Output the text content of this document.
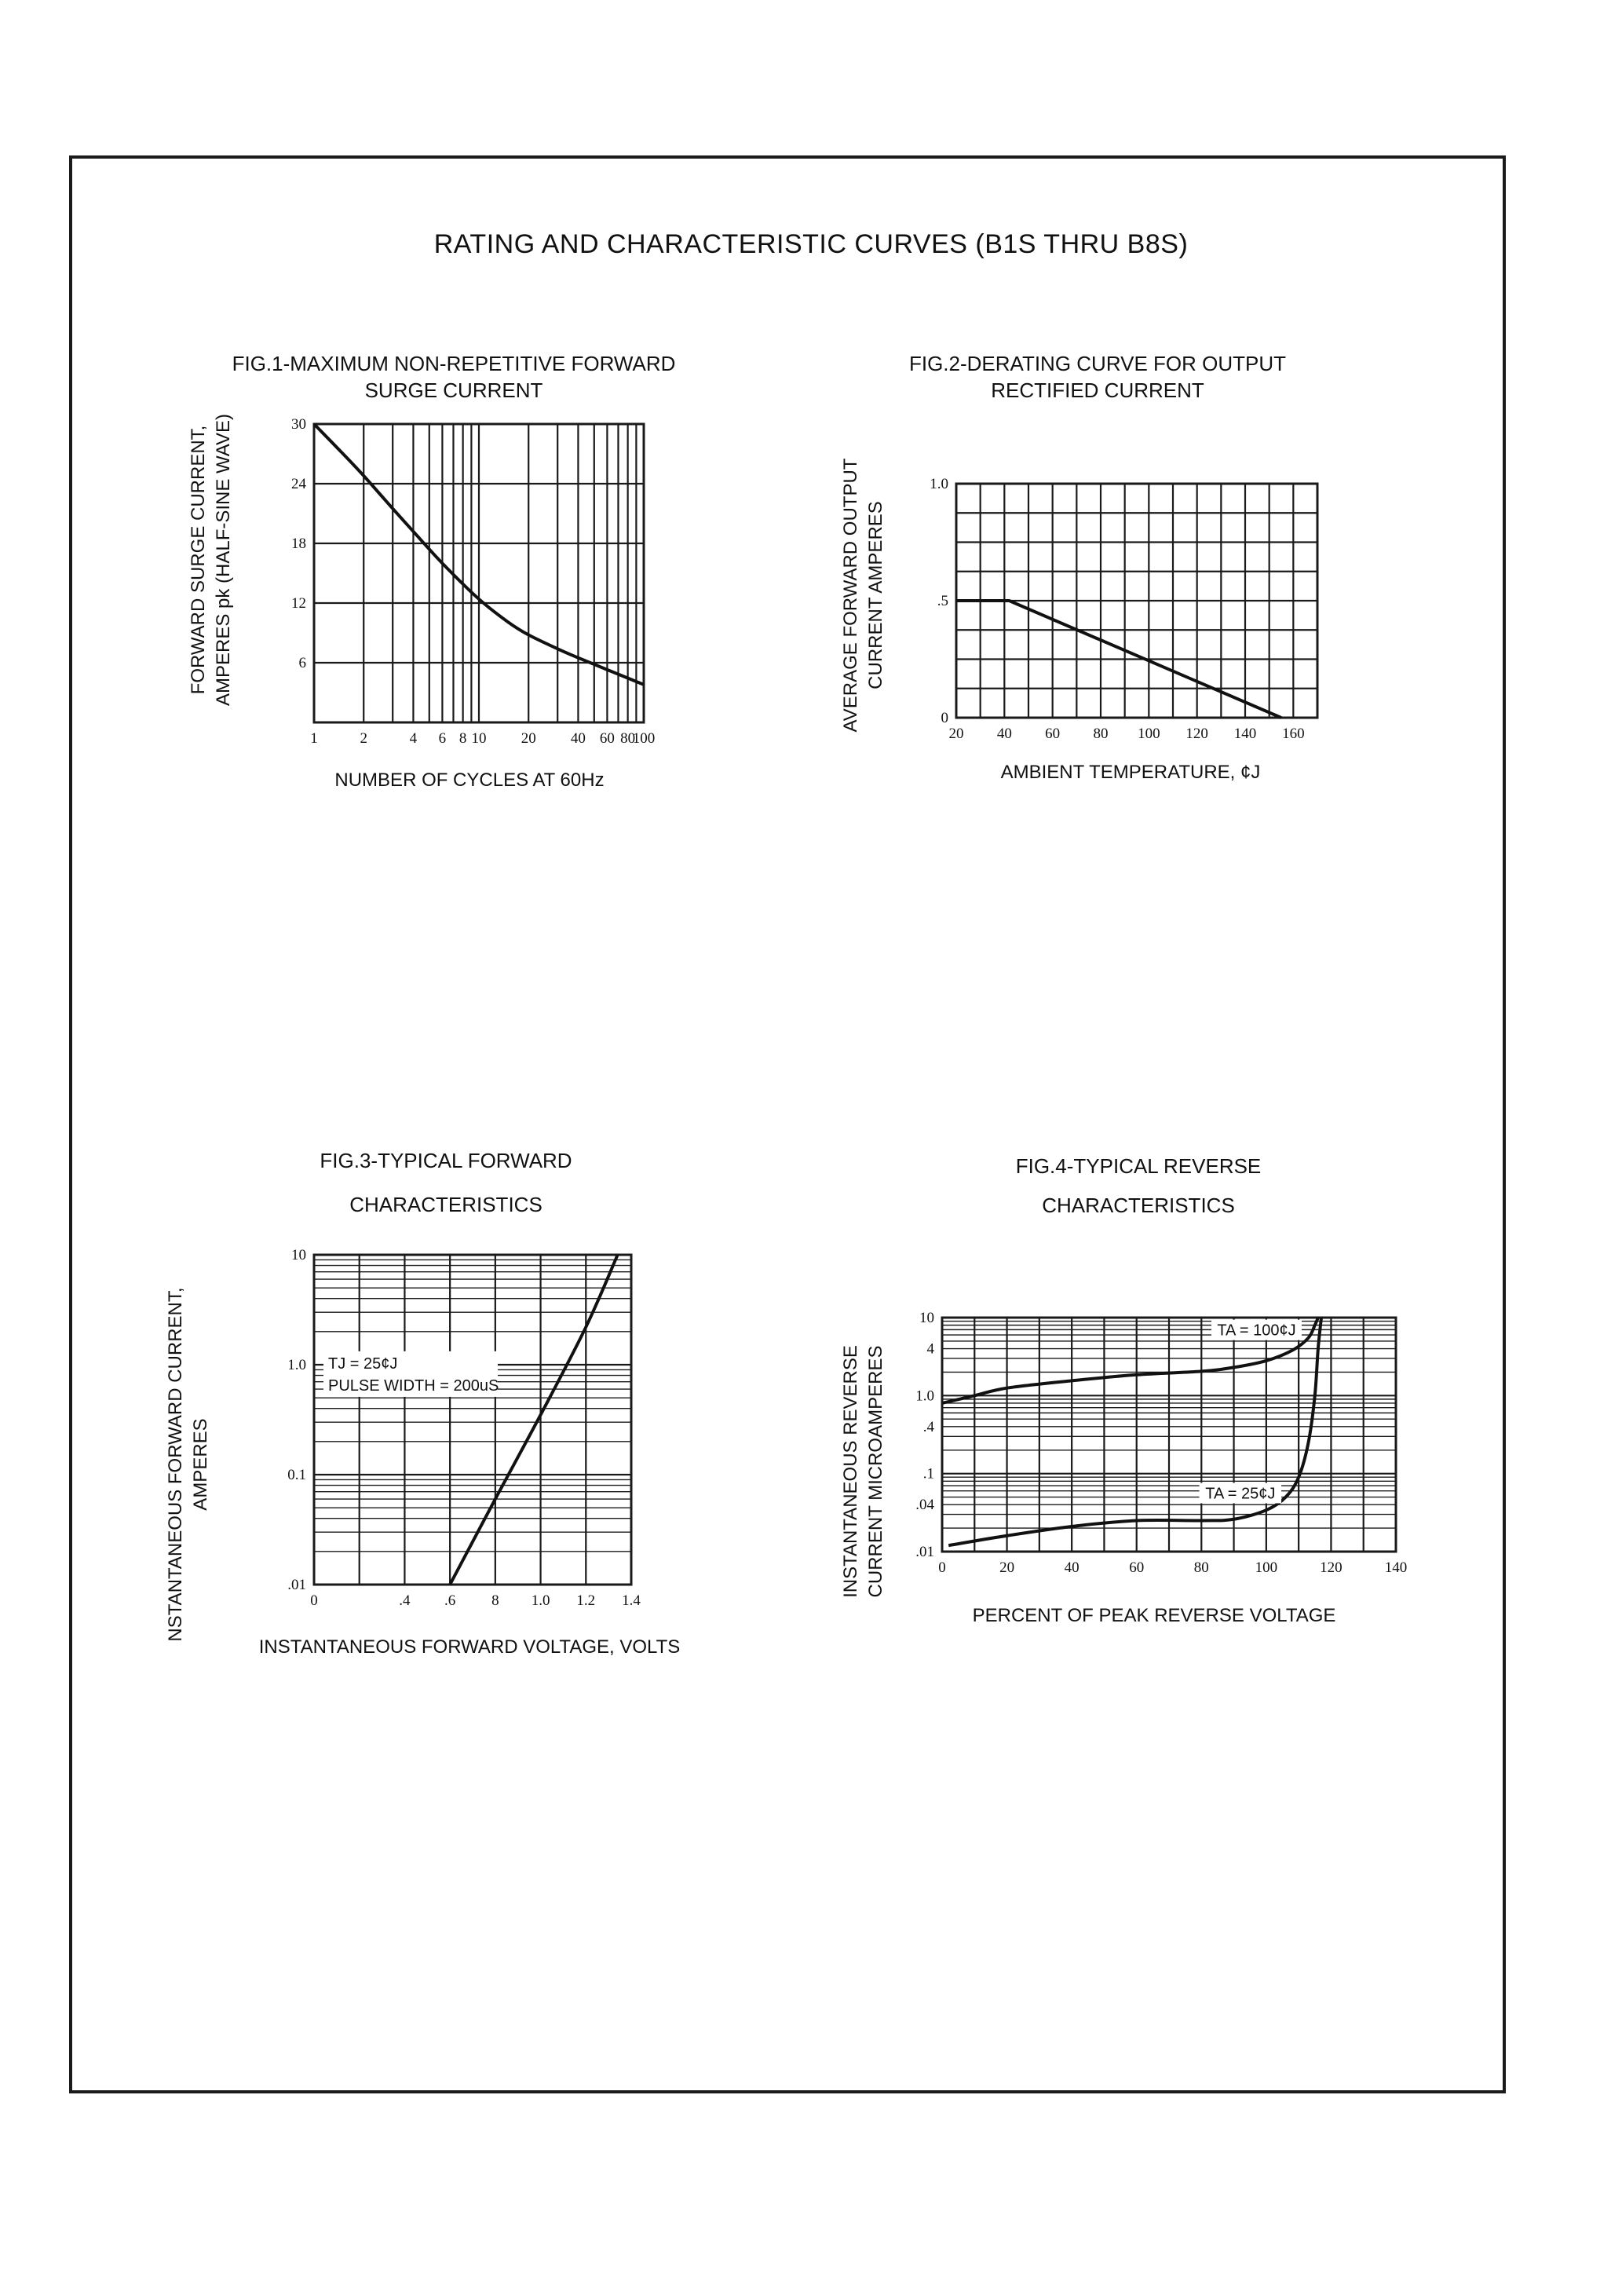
RATING AND CHARACTERISTIC CURVES (B1S THRU B8S)
FIG.1-MAXIMUM NON-REPETITIVE FORWARD
SURGE CURRENT
FORWARD SURGE CURRENT, AMPERES pk (HALF-SINE WAVE)
1	2	4 6 8 10 20 40 60 80
100
6
12
18
24
30
NUMBER OF CYCLES AT 60Hz
FIG.2-DERATING CURVE FOR OUTPUT
RECTIFIED CURRENT
AVERAGE FORWARD OUTPUT CURRENT AMPERES
20 40 60 80 100 120 140 160
0
.5
1.0
AMBIENT TEMPERATURE, ¢J
FIG.3-TYPICAL FORWARD
CHARACTERISTICS
NSTANTANEOUS FORWARD CURRENT, AMPERES
0	.4 .6 8 1.0 1.2 1.4
.01
0.1
1.0
10
TJ = 25¢J
PULSE WIDTH = 200uS
INSTANTANEOUS FORWARD VOLTAGE, VOLTS
FIG.4-TYPICAL REVERSE
CHARACTERISTICS
INSTANTANEOUS REVERSE CURRENT MICROAMPERES	0	20	40	60	80	100	120	140
.01
.04
.1
.4
1.0
4
10
TA = 100¢J
TA = 25¢J
PERCENT OF PEAK REVERSE VOLTAGE
